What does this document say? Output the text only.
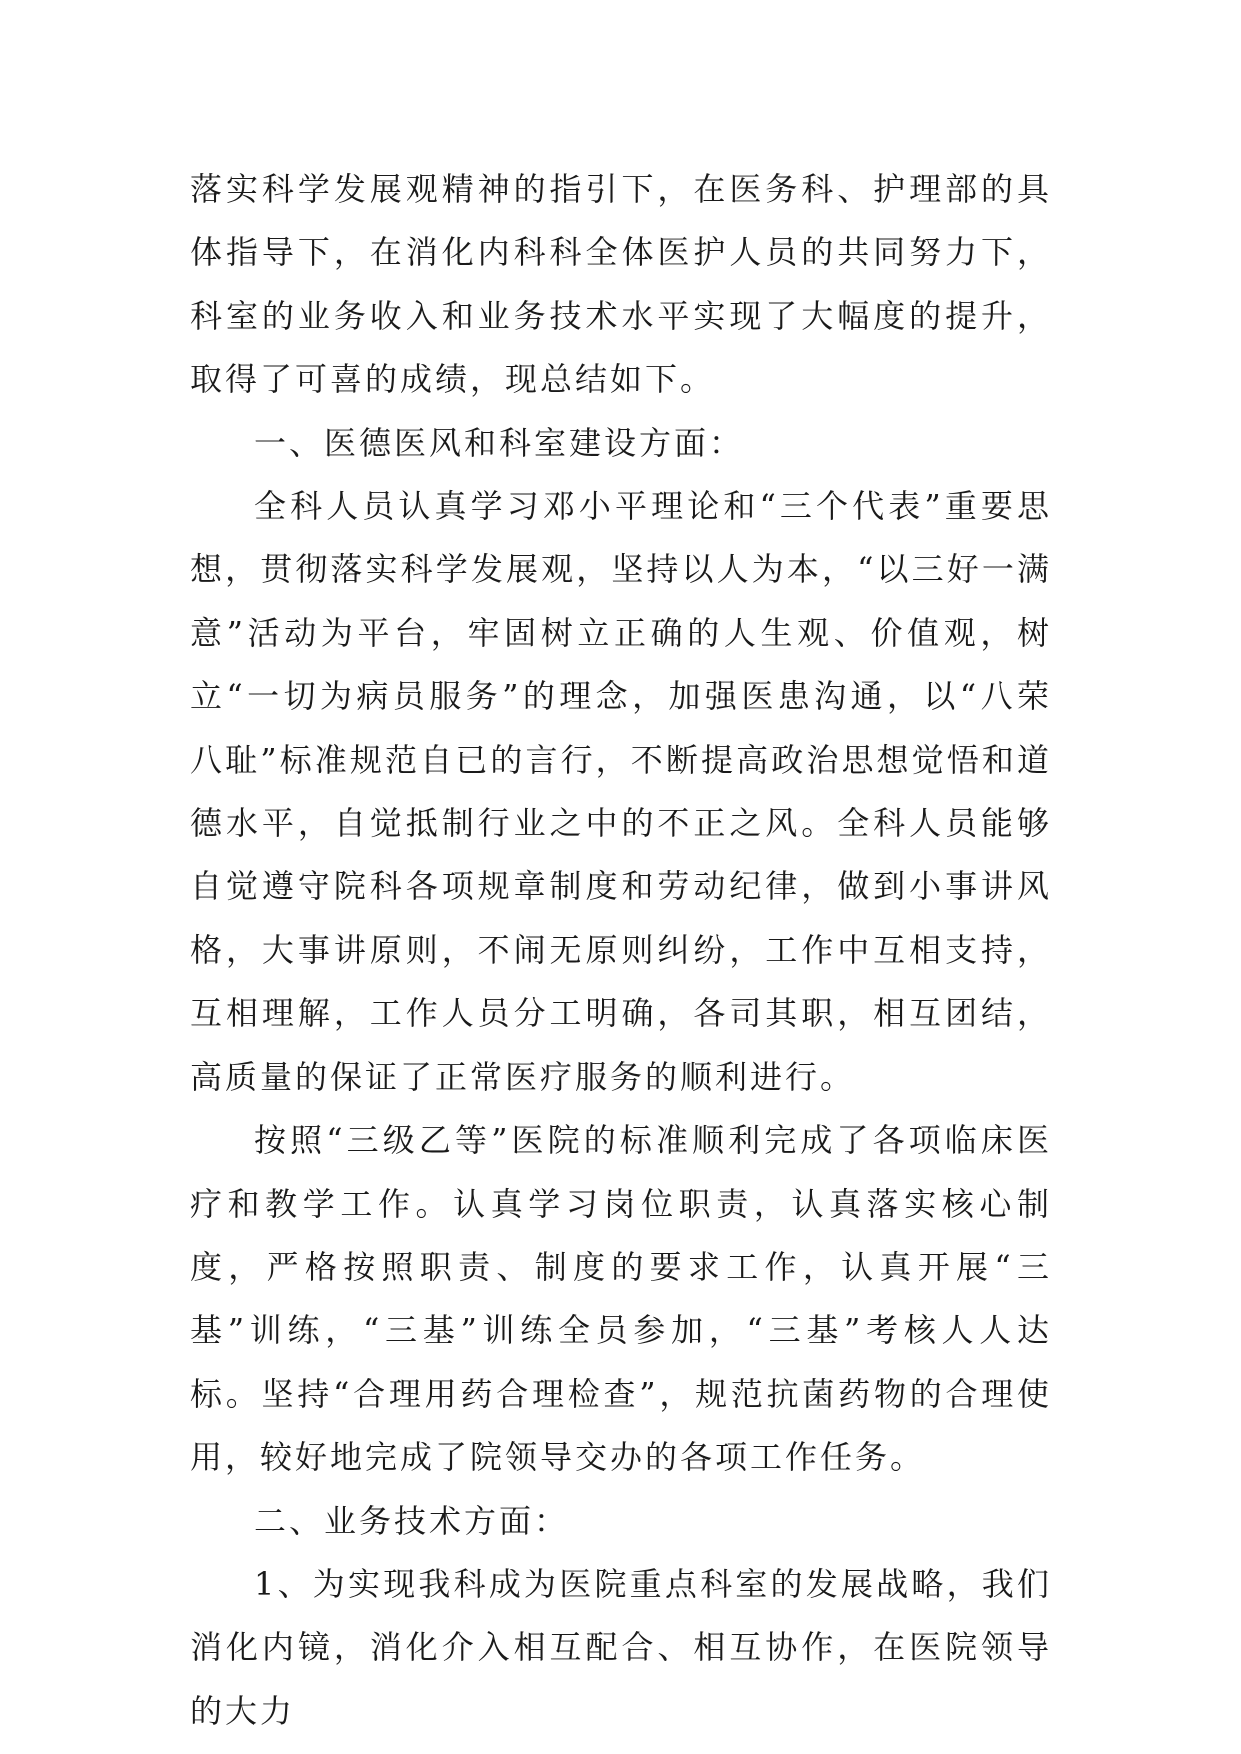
落实科学发展观精神的指引下，在医务科、护理部的具体指导下，在消化内科科全体医护人员的共同努力下，科室的业务收入和业务技术水平实现了大幅度的提升，取得了可喜的成绩，现总结如下。

一、医德医风和科室建设方面：

全科人员认真学习邓小平理论和“三个代表”重要思想，贯彻落实科学发展观，坚持以人为本，“以三好一满意”活动为平台，牢固树立正确的人生观、价值观，树立“一切为病员服务”的理念，加强医患沟通，以“八荣八耻”标准规范自已的言行，不断提高政治思想觉悟和道德水平，自觉抵制行业之中的不正之风。全科人员能够自觉遵守院科各项规章制度和劳动纪律，做到小事讲风格，大事讲原则，不闹无原则纠纷，工作中互相支持，互相理解，工作人员分工明确，各司其职，相互团结，高质量的保证了正常医疗服务的顺利进行。

按照“三级乙等”医院的标准顺利完成了各项临床医疗和教学工作。认真学习岗位职责，认真落实核心制度，严格按照职责、制度的要求工作，认真开展“三基”训练，“三基”训练全员参加，“三基”考核人人达标。坚持“合理用药合理检查”，规范抗菌药物的合理使用，较好地完成了院领导交办的各项工作任务。

二、业务技术方面：

1、为实现我科成为医院重点科室的发展战略，我们消化内镜，消化介入相互配合、相互协作，在医院领导的大力
